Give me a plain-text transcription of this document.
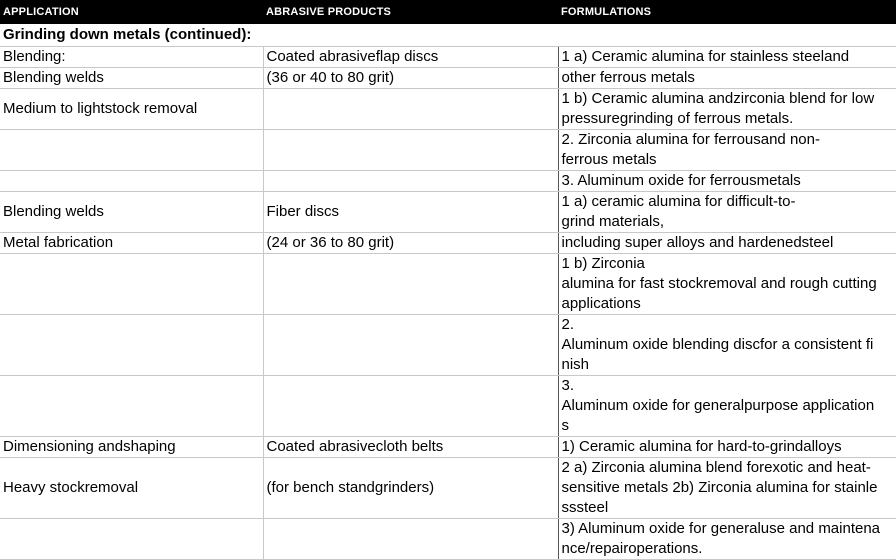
APPLICATION	ABRASIVE PRODUCTS	FORMULATIONS
Grinding down metals (continued):		
Blending:	Coated abrasiveflap discs	1 a) Ceramic alumina for stainless steeland

Blending welds	(36 or 40 to 80 grit)	other ferrous metals

Medium to lightstock removal		1 b) Ceramic alumina andzirconia blend for low
pressuregrinding of ferrous metals.

		2. Zirconia alumina for ferrousand non-
ferrous metals

		3. Aluminum oxide for ferrousmetals

Blending welds	Fiber discs	1 a) ceramic alumina for difficult-to-
grind materials,

Metal fabrication	(24 or 36 to 80 grit)	including super alloys and hardenedsteel

		1 b) Zirconia
alumina for fast stockremoval and rough cutting
applications

		2.
Aluminum oxide blending discfor a consistent fi
nish

		3.
Aluminum oxide for generalpurpose application
s

Dimensioning andshaping	Coated abrasivecloth belts	1) Ceramic alumina for hard-to-grindalloys

Heavy stockremoval	(for bench standgrinders)	2 a) Zirconia alumina blend forexotic and heat-
sensitive metals 2b) Zirconia alumina for stainle
sssteel

		3) Aluminum oxide for generaluse and maintena
nce/repairoperations.
